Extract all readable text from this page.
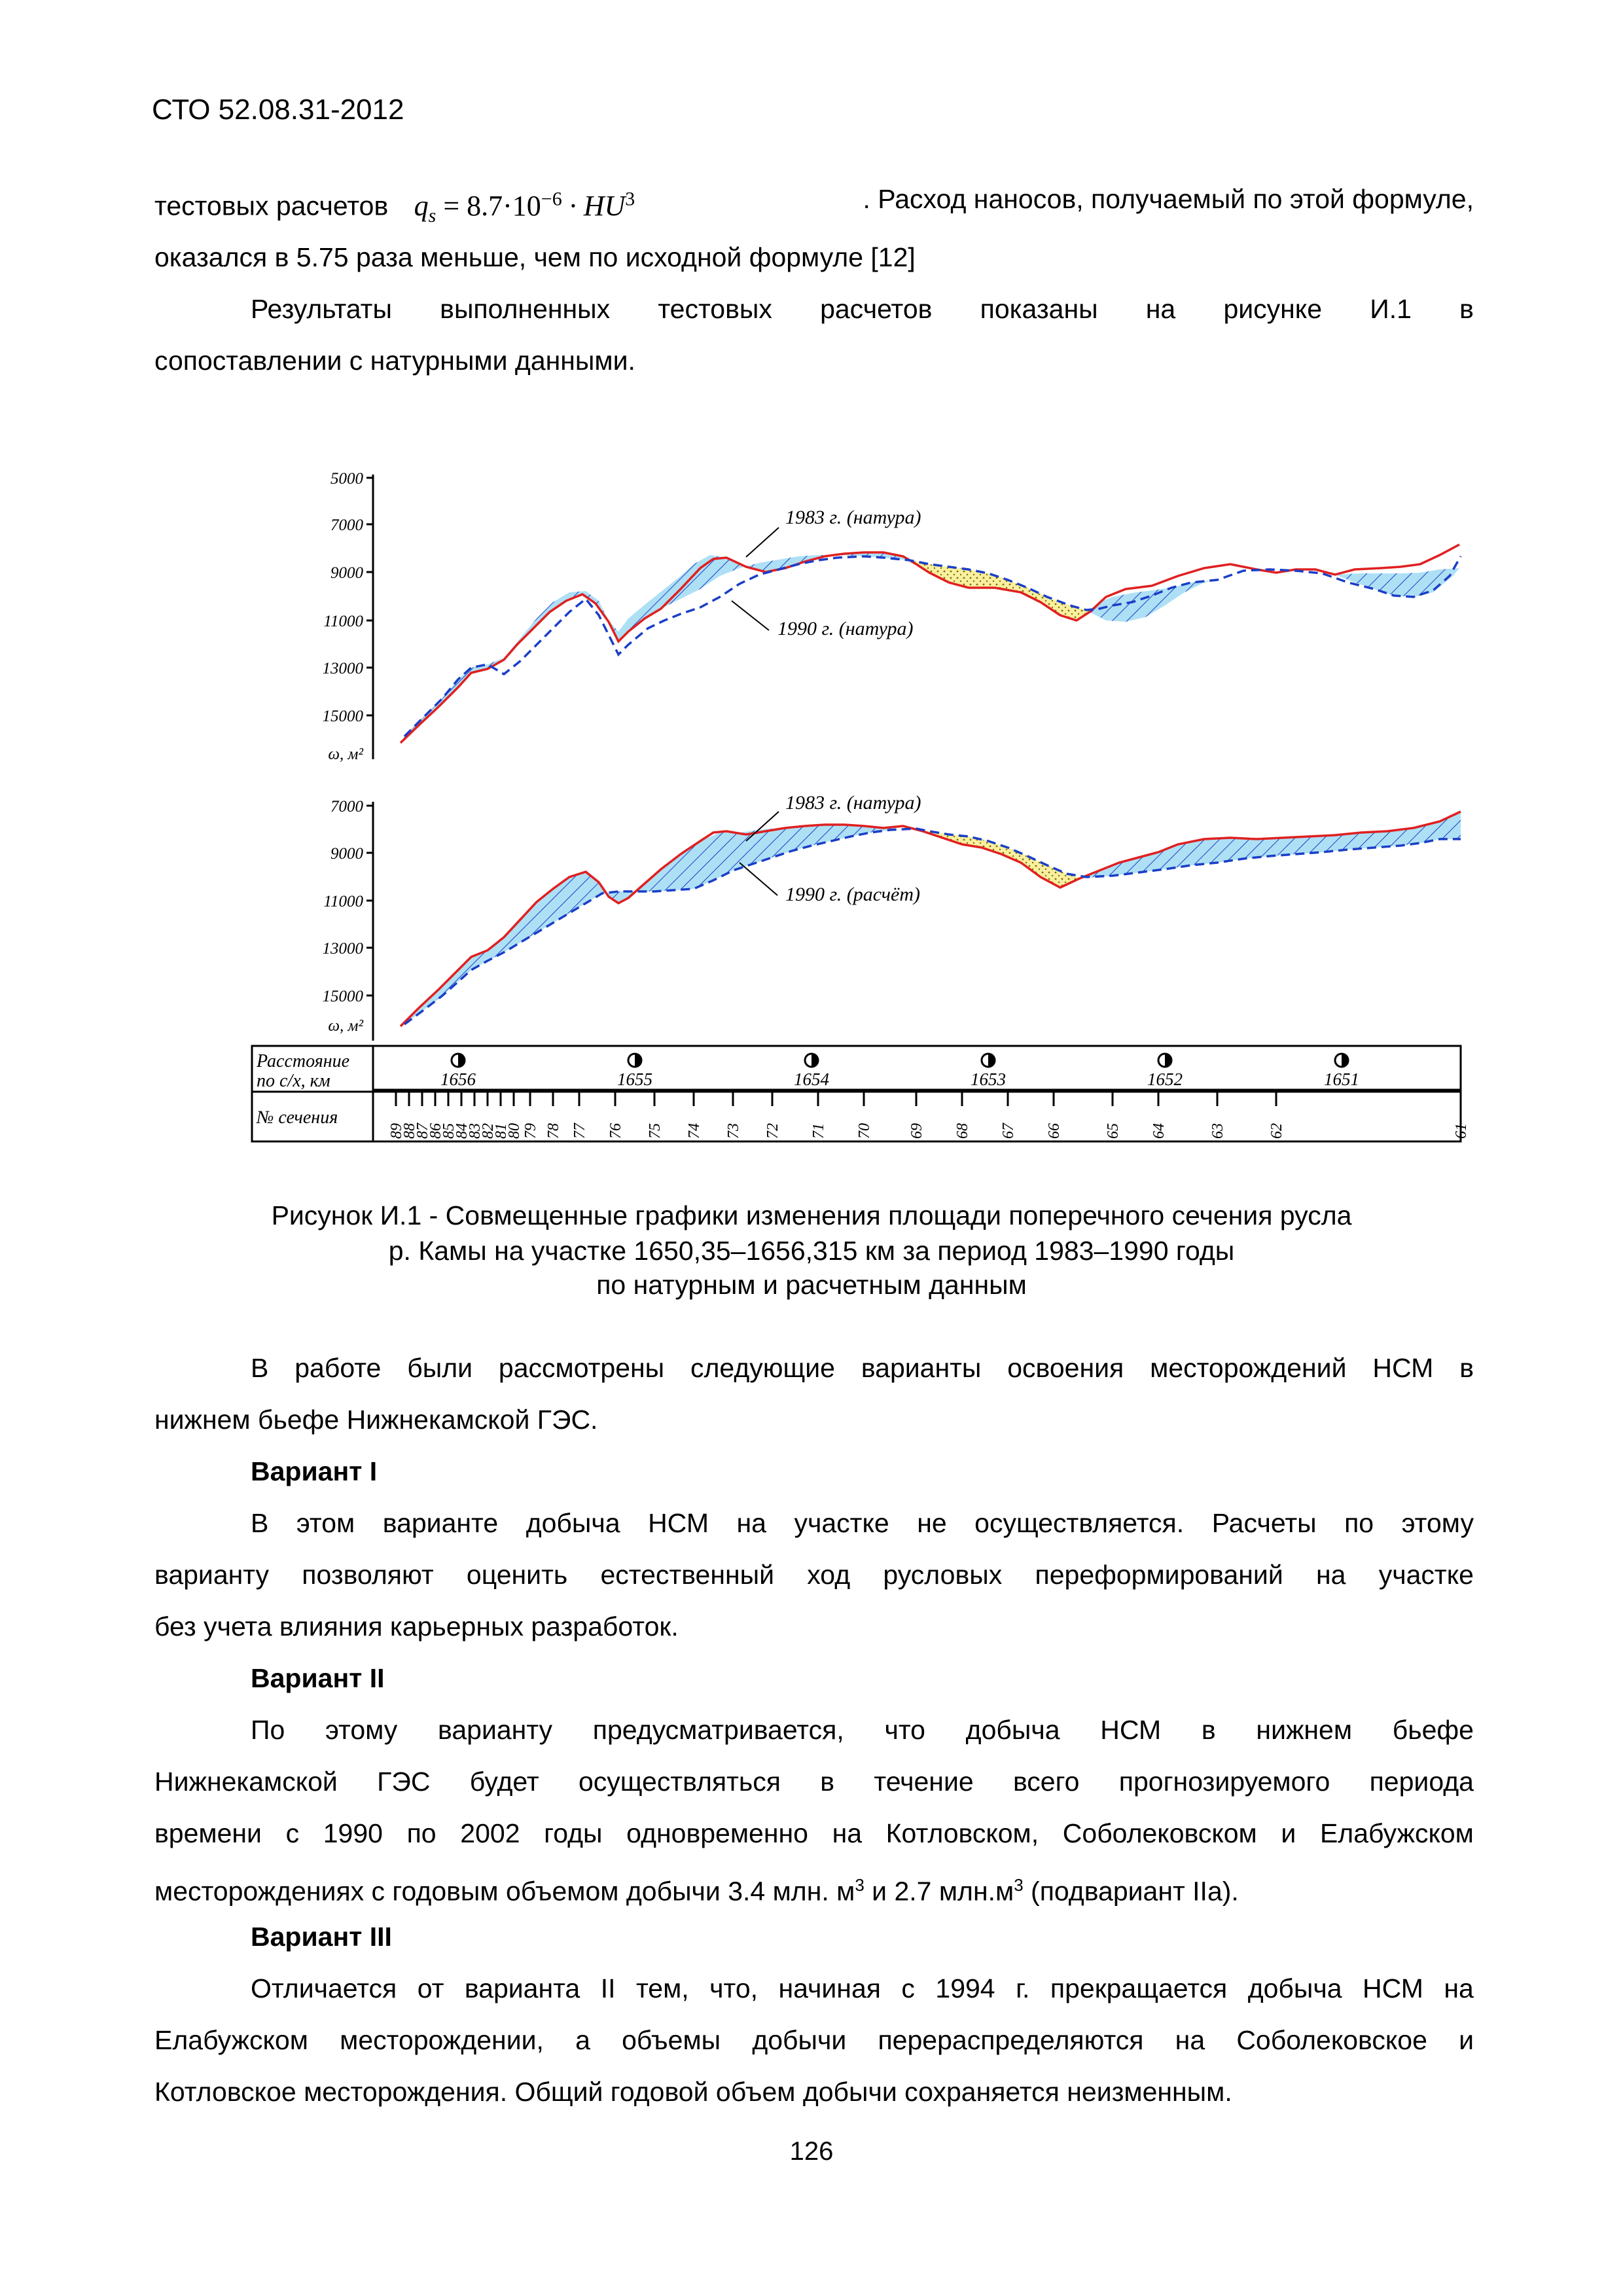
СТО 52.08.31-2012
тестовых расчетов $q_s = 8.7\cdot 10^{-6} \cdot HU^3$	. Расход наносов, получаемый по этой формуле,
оказался в 5.75 раза меньше, чем по исходной формуле [12]
Результаты выполненных тестовых расчетов показаны на рисунке И.1 в
сопоставлении с натурными данными.
5000
7000
9000
11000
13000
15000
ω, м²
1983 г. (натура)
1990 г. (натура)
7000
9000
11000
13000
15000
ω, м²
1983 г. (натура)
1990 г. (расчёт)
Расстояние
по с/х, км
№ сечения
1656	1655	1654	1653	1652	1651
89
88
87
86
85
84
83
82
81
80 79 78 77 76 75 74 73 72 71 70 69 68 67 66	65 64	63	62	61
Рисунок И.1 - Совмещенные графики изменения площади поперечного сечения русла
р. Камы на участке 1650,35–1656,315 км за период 1983–1990 годы
по натурным и расчетным данным
В работе были рассмотрены следующие варианты освоения месторождений НСМ в
нижнем бьефе Нижнекамской ГЭС.
Вариант I
В этом варианте добыча НСМ на участке не осуществляется. Расчеты по этому
варианту позволяют оценить естественный ход русловых переформирований на участке
без учета влияния карьерных разработок.
Вариант II
По этому варианту предусматривается, что добыча НСМ в нижнем бьефе
Нижнекамской ГЭС будет осуществляться в течение всего прогнозируемого периода
времени с 1990 по 2002 годы одновременно на Котловском, Соболековском и Елабужском
месторождениях с годовым объемом добычи 3.4 млн. $м^3$ и 2.7 $млн.м^3$ (подвариант IIа).
Вариант III
Отличается от варианта II тем, что, начиная с 1994 г. прекращается добыча НСМ на
Елабужском месторождении, а объемы добычи перераспределяются на Соболековское и
Котловское месторождения. Общий годовой объем добычи сохраняется неизменным.
126
